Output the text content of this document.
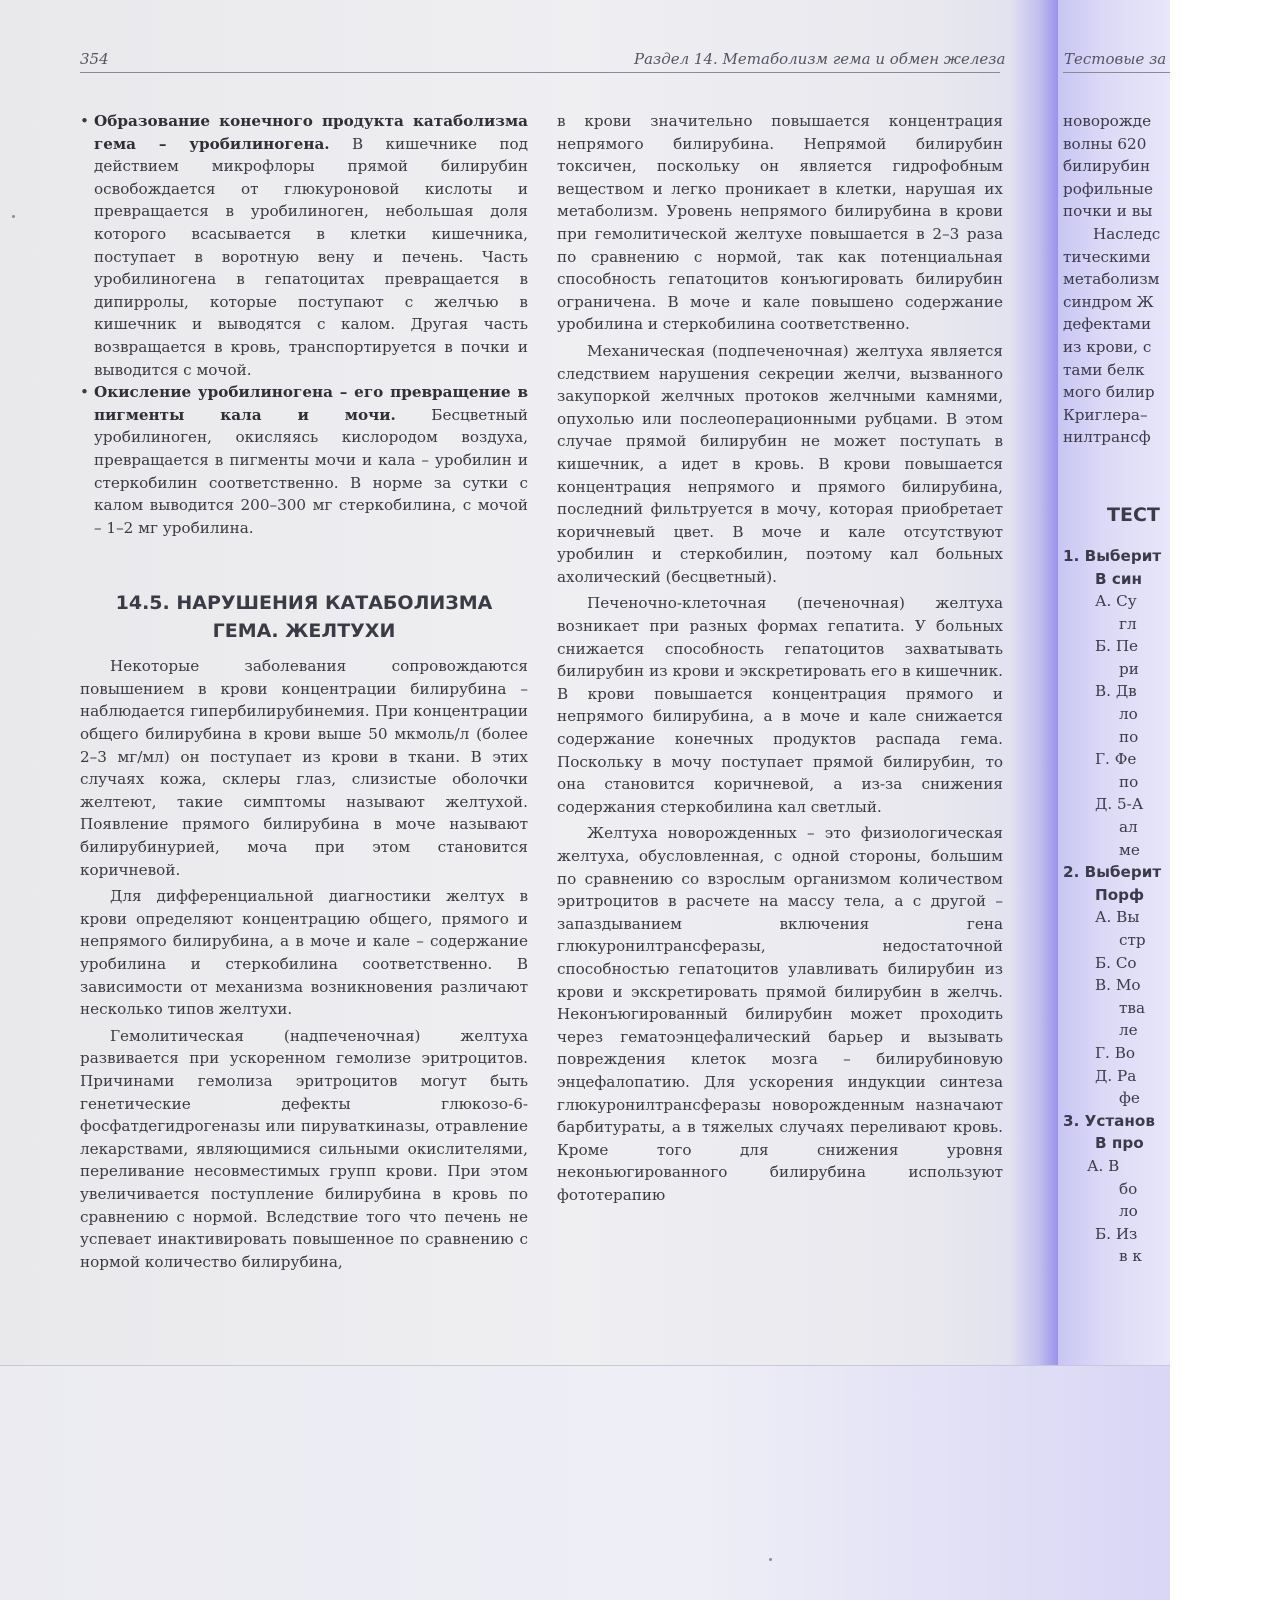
354	Раздел 14. Метаболизм гема и обмен железа	Тестовые за

• Образование конечного продукта катаболизма гема – уробилиногена. В кишечнике под действием микрофлоры прямой билирубин освобождается от глюкуроновой кислоты и превращается в уробилиноген, небольшая доля которого всасывается в клетки кишечника, поступает в воротную вену и печень. Часть уробилиногена в гепатоцитах превращается в дипирролы, которые поступают с желчью в кишечник и выводятся с калом. Другая часть возвращается в кровь, транспортируется в почки и выводится с мочой.

• Окисление уробилиногена – его превращение в пигменты кала и мочи. Бесцветный уробилиноген, окисляясь кислородом воздуха, превращается в пигменты мочи и кала – уробилин и стеркобилин соответственно. В норме за сутки с калом выводится 200–300 мг стеркобилина, с мочой – 1–2 мг уробилина.

14.5. НАРУШЕНИЯ КАТАБОЛИЗМА

ГЕМА. ЖЕЛТУХИ

Некоторые заболевания сопровождаются повышением в крови концентрации билирубина – наблюдается гипербилирубинемия. При концентрации общего билирубина в крови выше 50 мкмоль/л (более 2–3 мг/мл) он поступает из крови в ткани. В этих случаях кожа, склеры глаз, слизистые оболочки желтеют, такие симптомы называют желтухой. Появление прямого билирубина в моче называют билирубинурией, моча при этом становится коричневой.

Для дифференциальной диагностики желтух в крови определяют концентрацию общего, прямого и непрямого билирубина, а в моче и кале – содержание уробилина и стеркобилина соответственно. В зависимости от механизма возникновения различают несколько типов желтухи.

Гемолитическая (надпеченочная) желтуха развивается при ускоренном гемолизе эритроцитов. Причинами гемолиза эритроцитов могут быть генетические дефекты глюкозо-6-фосфатдегидрогеназы или пируваткиназы, отравление лекарствами, являющимися сильными окислителями, переливание несовместимых групп крови. При этом увеличивается поступление билирубина в кровь по сравнению с нормой. Вследствие того что печень не успевает инактивировать повышенное по сравнению с нормой количество билирубина,

в крови значительно повышается концентрация непрямого билирубина. Непрямой билирубин токсичен, поскольку он является гидрофобным веществом и легко проникает в клетки, нарушая их метаболизм. Уровень непрямого билирубина в крови при гемолитической желтухе повышается в 2–3 раза по сравнению с нормой, так как потенциальная способность гепатоцитов конъюгировать билирубин ограничена. В моче и кале повышено содержание уробилина и стеркобилина соответственно.

Механическая (подпеченочная) желтуха является следствием нарушения секреции желчи, вызванного закупоркой желчных протоков желчными камнями, опухолью или послеоперационными рубцами. В этом случае прямой билирубин не может поступать в кишечник, а идет в кровь. В крови повышается концентрация непрямого и прямого билирубина, последний фильтруется в мочу, которая приобретает коричневый цвет. В моче и кале отсутствуют уробилин и стеркобилин, поэтому кал больных ахолический (бесцветный).

Печеночно-клеточная (печеночная) желтуха возникает при разных формах гепатита. У больных снижается способность гепатоцитов захватывать билирубин из крови и экскретировать его в кишечник. В крови повышается концентрация прямого и непрямого билирубина, а в моче и кале снижается содержание конечных продуктов распада гема. Поскольку в мочу поступает прямой билирубин, то она становится коричневой, а из-за снижения содержания стеркобилина кал светлый.

Желтуха новорожденных – это физиологическая желтуха, обусловленная, с одной стороны, большим по сравнению со взрослым организмом количеством эритроцитов в расчете на массу тела, а с другой – запаздыванием включения гена глюкуронилтрансферазы, недостаточной способностью гепатоцитов улавливать билирубин из крови и экскретировать прямой билирубин в желчь. Неконъюгированный билирубин может проходить через гематоэнцефалический барьер и вызывать повреждения клеток мозга – билирубиновую энцефалопатию. Для ускорения индукции синтеза глюкуронилтрансферазы новорожденным назначают барбитураты, а в тяжелых случаях переливают кровь. Кроме того для снижения уровня неконьюгированного билирубина используют фототерапию

новорожде
волны 620
билирубин
рофильные
почки и вы
Наследс
тическими
метаболизм
синдром Ж
дефектами
из крови, с
тами белк
мого билир
Криглера–
нилтрансф
ТЕСТ
1. Выберит
В син
А. Су
гл
Б. Пе
ри
В. Дв
ло
по
Г. Фе
по
Д. 5-А
ал
ме
2. Выберит
Порф
А. Вы
стр
Б. Со
В. Мо
тва
ле
Г. Во
Д. Ра
фе
3. Установ
В про
А. В
бо
ло
Б. Из
в к
